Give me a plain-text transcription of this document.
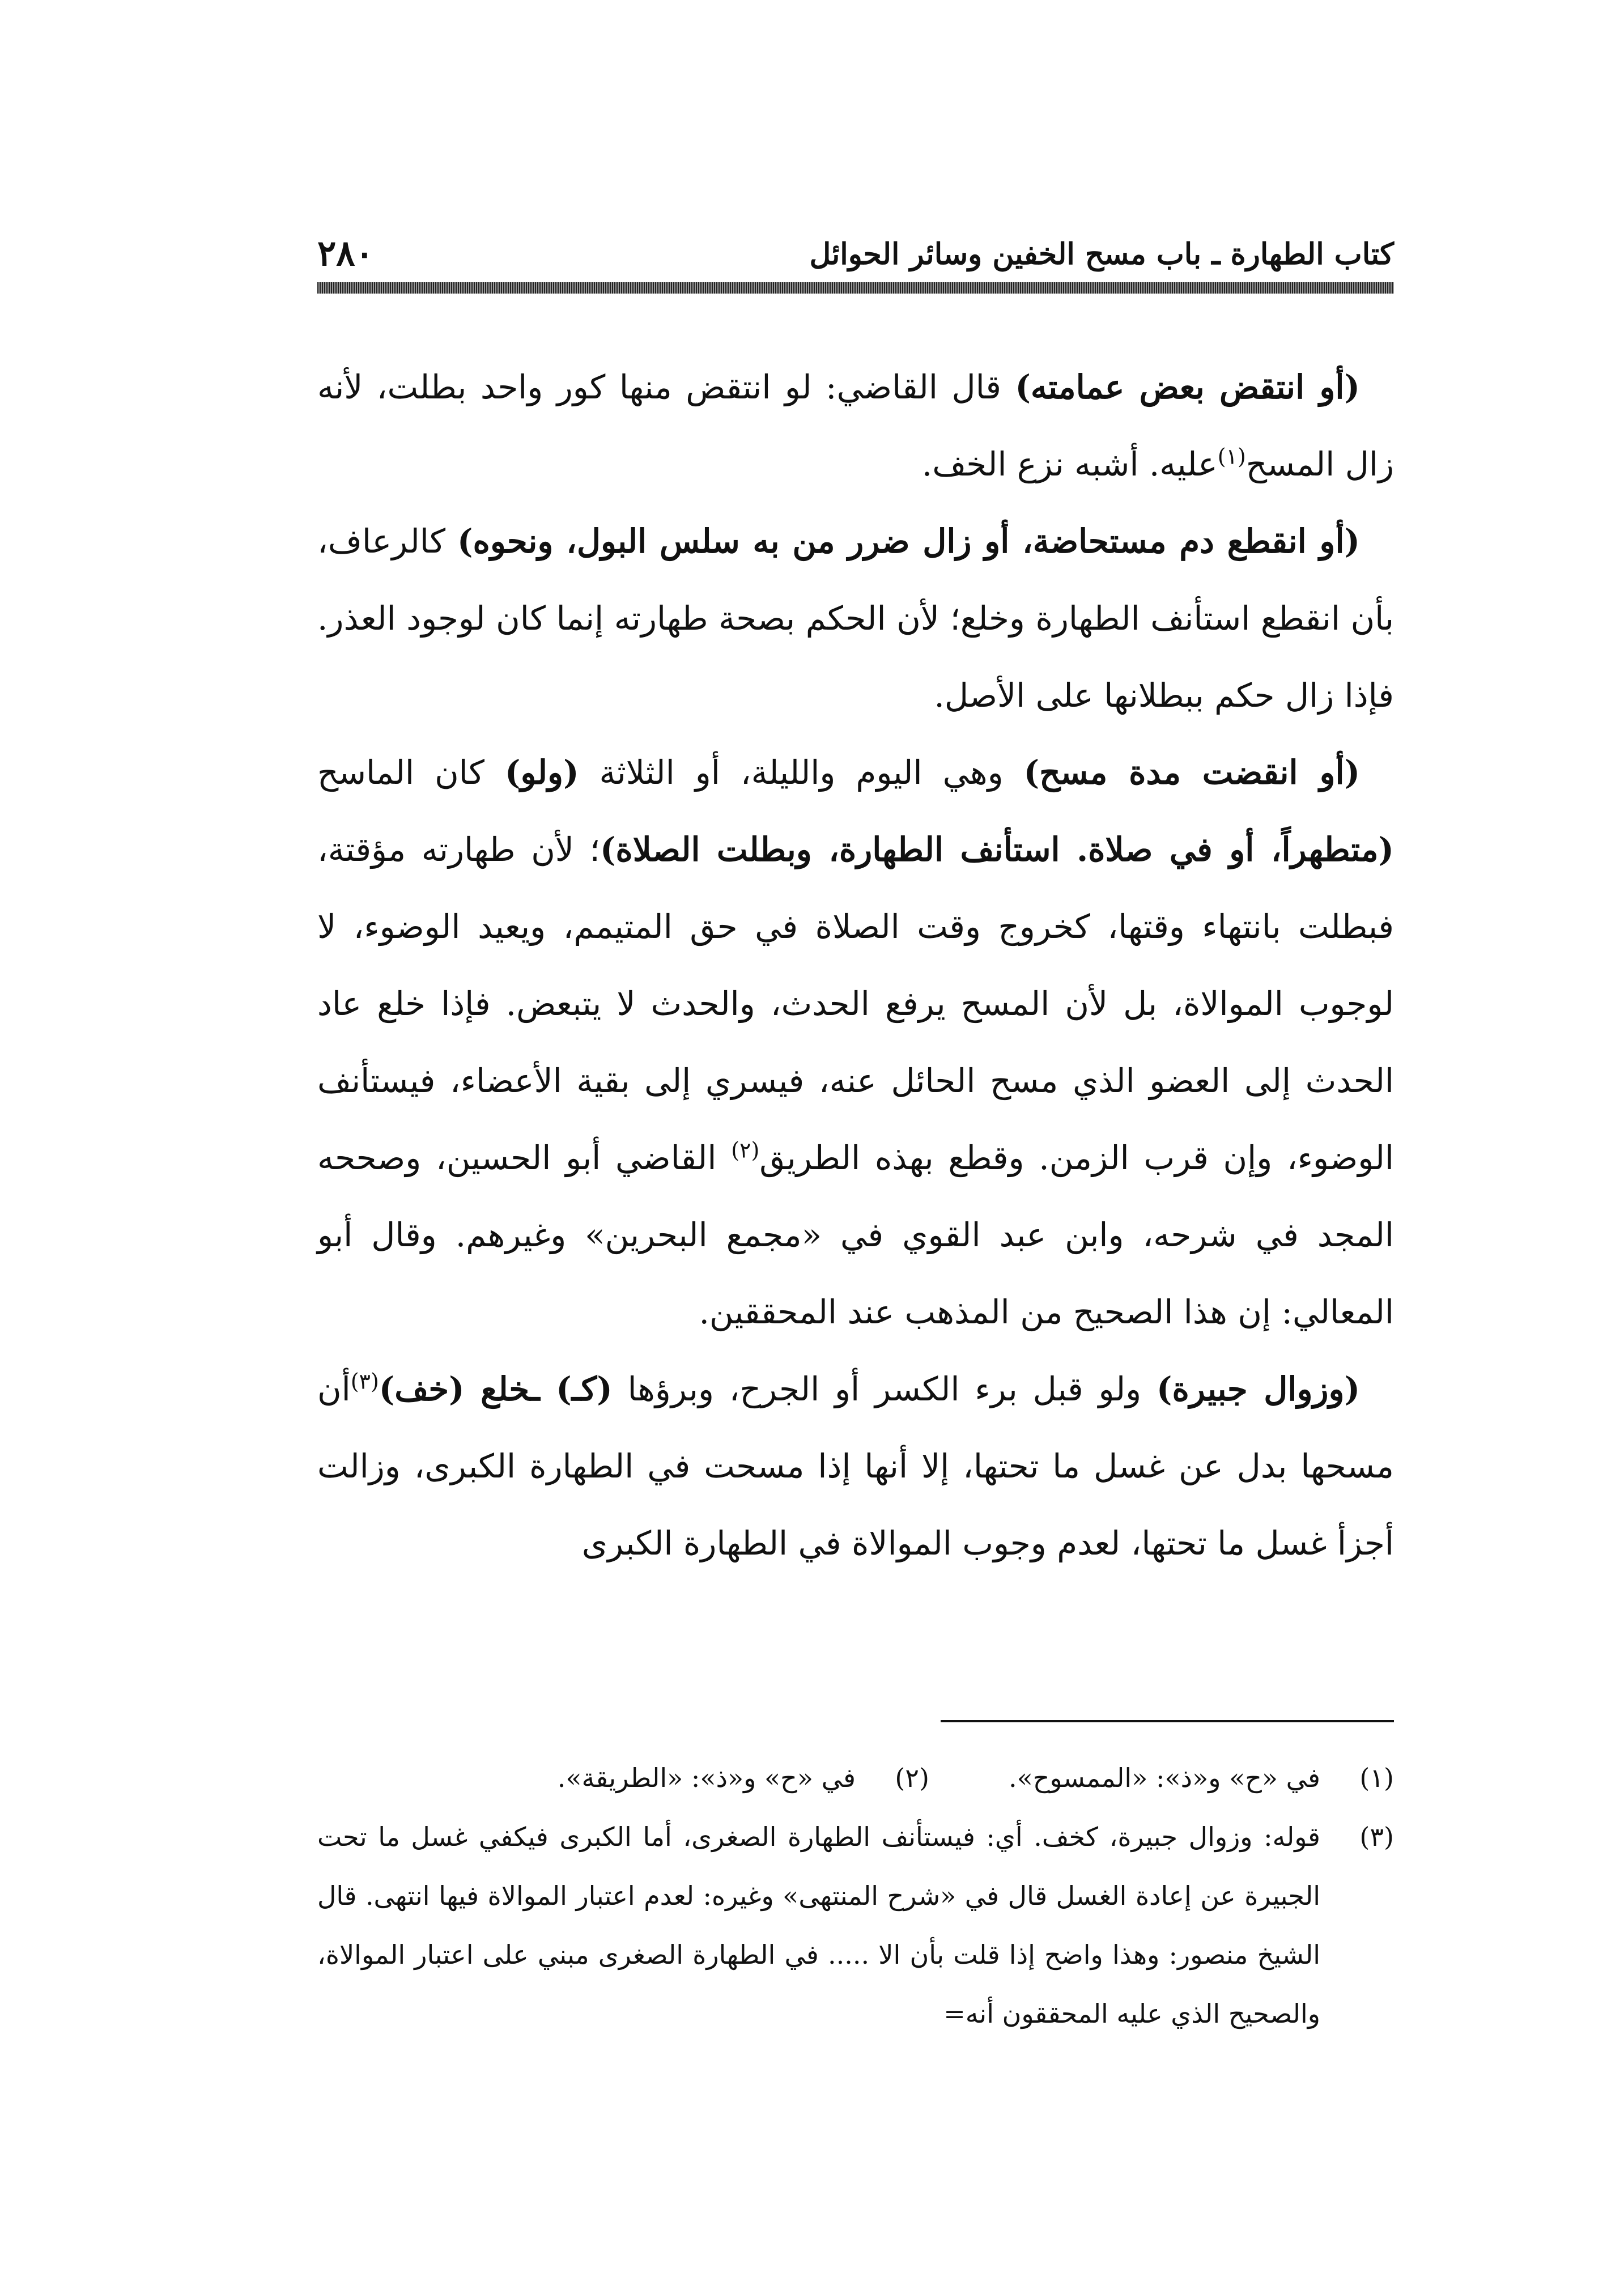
٢٨٠	كتاب الطهارة ـ باب مسح الخفين وسائر الحوائل

(أو انتقض بعض عمامته) قال القاضي: لو انتقض منها كور واحد بطلت، لأنه زال المسح$^{(١)}$عليه. أشبه نزع الخف.

(أو انقطع دم مستحاضة، أو زال ضرر من به سلس البول، ونحوه) كالرعاف، بأن انقطع استأنف الطهارة وخلع؛ لأن الحكم بصحة طهارته إنما كان لوجود العذر. فإذا زال حكم ببطلانها على الأصل.

(أو انقضت مدة مسح) وهي اليوم والليلة، أو الثلاثة (ولو) كان الماسح (متطهراً، أو في صلاة. استأنف الطهارة، وبطلت الصلاة)؛ لأن طهارته مؤقتة، فبطلت بانتهاء وقتها، كخروج وقت الصلاة في حق المتيمم، ويعيد الوضوء، لا لوجوب الموالاة، بل لأن المسح يرفع الحدث، والحدث لا يتبعض. فإذا خلع عاد الحدث إلى العضو الذي مسح الحائل عنه، فيسري إلى بقية الأعضاء، فيستأنف الوضوء، وإن قرب الزمن. وقطع بهذه الطريق$^{(٢)}$ القاضي أبو الحسين، وصححه المجد في شرحه، وابن عبد القوي في «مجمع البحرين» وغيرهم. وقال أبو المعالي: إن هذا الصحيح من المذهب عند المحققين.

(وزوال جبيرة) ولو قبل برء الكسر أو الجرح، وبرؤها (كـ) ـخلع (خف)$^{(٣)}$أن مسحها بدل عن غسل ما تحتها، إلا أنها إذا مسحت في الطهارة الكبرى، وزالت أجزأ غسل ما تحتها، لعدم وجوب الموالاة في الطهارة الكبرى

(١)
في «ح» و«ذ»: «الممسوح».
(٢)
في «ح» و«ذ»: «الطريقة».
(٣)
قوله: وزوال جبيرة، كخف. أي: فيستأنف الطهارة الصغرى، أما الكبرى فيكفي غسل ما تحت الجبيرة عن إعادة الغسل قال في «شرح المنتهى» وغيره: لعدم اعتبار الموالاة فيها انتهى. قال الشيخ منصور: وهذا واضح إذا قلت بأن الا ..... في الطهارة الصغرى مبني على اعتبار الموالاة، والصحيح الذي عليه المحققون أنه=
